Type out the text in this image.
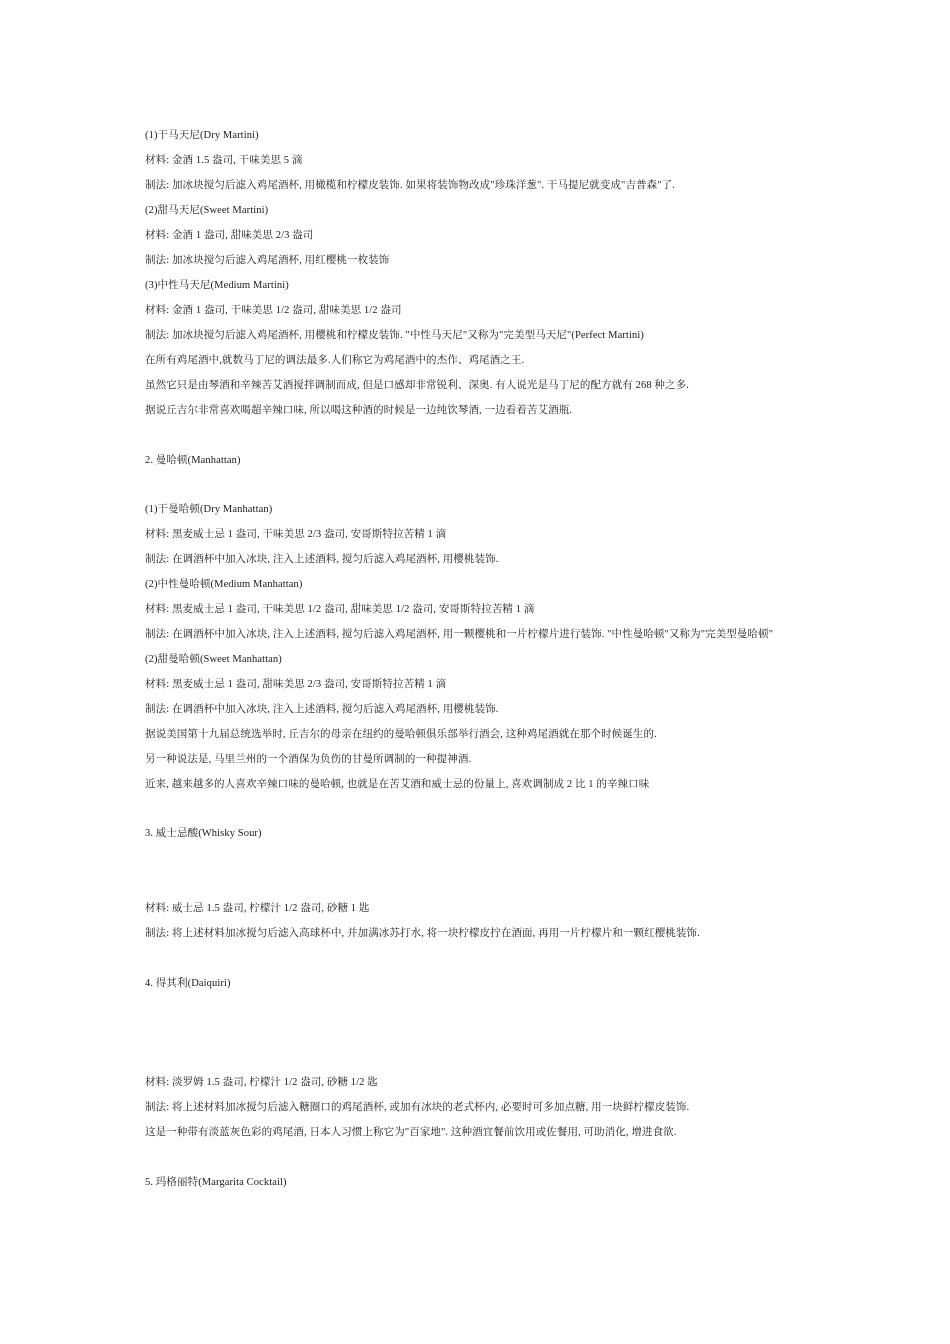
(1)干马天尼(Dry Martini)
材料: 金酒 1.5 盎司, 干味美思 5 滴
制法: 加冰块搅匀后滤入鸡尾酒杯, 用橄榄和柠檬皮装饰. 如果将装饰物改成"珍珠洋葱". 干马提尼就变成"吉普森"了.
(2)甜马天尼(Sweet Martini)
材料: 金酒 1 盎司, 甜味美思 2/3 盎司
制法: 加冰块搅匀后滤入鸡尾酒杯, 用红樱桃一枚装饰
(3)中性马天尼(Medium Martini)
材料: 金酒 1 盎司, 干味美思 1/2 盎司, 甜味美思 1/2 盎司
制法: 加冰块搅匀后滤入鸡尾酒杯, 用樱桃和柠檬皮装饰. "中性马天尼"又称为"完美型马天尼"(Perfect Martini)
在所有鸡尾酒中,就数马丁尼的调法最多.人们称它为鸡尾酒中的杰作、鸡尾酒之王.
虽然它只是由琴酒和辛辣苦艾酒搅拌调制而成, 但是口感却非常锐利、深奥. 有人说光是马丁尼的配方就有 268 种之多.
据说丘吉尔非常喜欢喝超辛辣口味, 所以喝这种酒的时候是一边纯饮琴酒, 一边看着苦艾酒瓶.
2. 曼哈顿(Manhattan)
(1)干曼哈顿(Dry Manhattan)
材料: 黑麦威士忌 1 盎司, 干味美思 2/3 盎司, 安哥斯特拉苦精 1 滴
制法: 在调酒杯中加入冰块, 注入上述酒料, 搅匀后滤入鸡尾酒杯, 用樱桃装饰.
(2)中性曼哈顿(Medium Manhattan)
材料: 黑麦威士忌 1 盎司, 干味美思 1/2 盎司, 甜味美思 1/2 盎司, 安哥斯特拉苦精 1 滴
制法: 在调酒杯中加入冰块, 注入上述酒料, 搅匀后滤入鸡尾酒杯, 用一颗樱桃和一片柠檬片进行装饰. "中性曼哈顿"又称为"完美型曼哈顿"
(2)甜曼哈顿(Sweet Manhattan)
材料: 黑麦威士忌 1 盎司, 甜味美思 2/3 盎司, 安哥斯特拉苦精 1 滴
制法: 在调酒杯中加入冰块, 注入上述酒料, 搅匀后滤入鸡尾酒杯, 用樱桃装饰.
据说美国第十九届总统选举时, 丘吉尔的母亲在纽约的曼哈顿俱乐部举行酒会, 这种鸡尾酒就在那个时候诞生的.
另一种说法是, 马里兰州的一个酒保为负伤的甘曼所调制的一种提神酒.
近来, 越来越多的人喜欢辛辣口味的曼哈顿, 也就是在苦艾酒和威士忌的份量上, 喜欢调制成 2 比 1 的辛辣口味
3. 威士忌酸(Whisky Sour)
材料: 威士忌 1.5 盎司, 柠檬汁 1/2 盎司, 砂糖 1 匙
制法: 将上述材料加冰搅匀后滤入高球杯中, 并加满冰苏打水, 将一块柠檬皮拧在酒面, 再用一片柠檬片和一颗红樱桃装饰.
4. 得其利(Daiquiri)
材料: 淡罗姆 1.5 盎司, 柠檬汁 1/2 盎司, 砂糖 1/2 匙
制法: 将上述材料加冰搅匀后滤入糖圈口的鸡尾酒杯, 或加有冰块的老式杯内, 必要时可多加点糖, 用一块鲜柠檬皮装饰.
这是一种带有淡蓝灰色彩的鸡尾酒, 日本人习惯上称它为"百家地". 这种酒宜餐前饮用或佐餐用, 可助消化, 增进食欲.
5. 玛格丽特(Margarita Cocktail)
